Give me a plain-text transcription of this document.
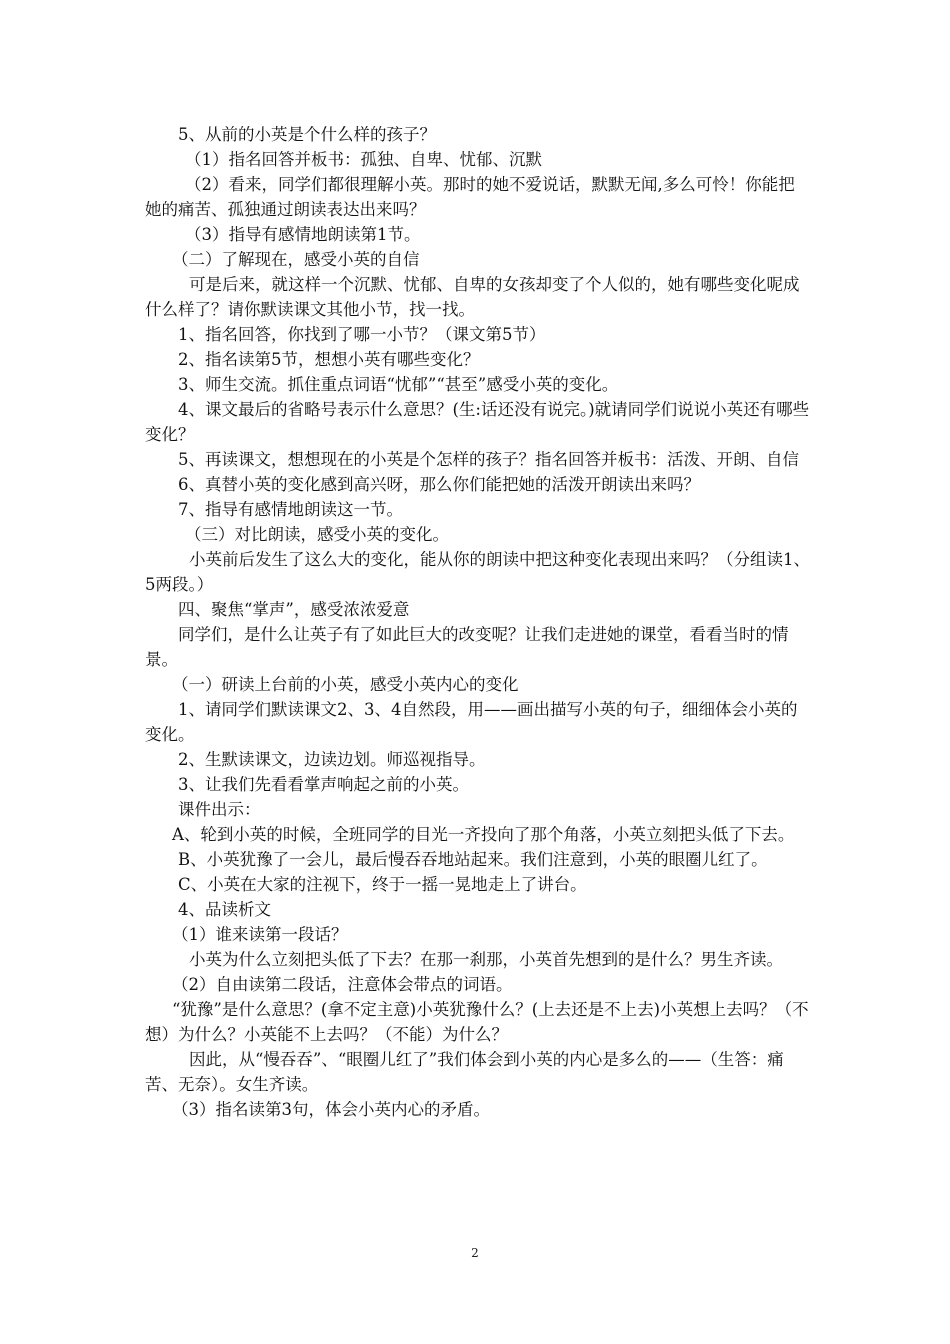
5、从前的小英是个什么样的孩子？

（1）指名回答并板书：孤独、自卑、忧郁、沉默

（2）看来，同学们都很理解小英。那时的她不爱说话，默默无闻,多么可怜！你能把她的痛苦、孤独通过朗读表达出来吗？

（3）指导有感情地朗读第1节。

（二）了解现在，感受小英的自信

可是后来，就这样一个沉默、忧郁、自卑的女孩却变了个人似的，她有哪些变化呢成什么样了？请你默读课文其他小节，找一找。

1、指名回答，你找到了哪一小节？（课文第5节）

2、指名读第5节，想想小英有哪些变化？

3、师生交流。抓住重点词语“忧郁”“甚至”感受小英的变化。

4、课文最后的省略号表示什么意思？(生:话还没有说完。)就请同学们说说小英还有哪些变化？

5、再读课文，想想现在的小英是个怎样的孩子？指名回答并板书：活泼、开朗、自信

6、真替小英的变化感到高兴呀，那么你们能把她的活泼开朗读出来吗？

7、指导有感情地朗读这一节。

（三）对比朗读，感受小英的变化。

小英前后发生了这么大的变化，能从你的朗读中把这种变化表现出来吗？（分组读1、5两段。）

四、聚焦“掌声”，感受浓浓爱意

同学们，是什么让英子有了如此巨大的改变呢？让我们走进她的课堂，看看当时的情景。

（一）研读上台前的小英，感受小英内心的变化

1、请同学们默读课文2、3、4自然段，用——画出描写小英的句子，细细体会小英的变化。

2、生默读课文，边读边划。师巡视指导。

3、让我们先看看掌声响起之前的小英。

课件出示：

A、轮到小英的时候，全班同学的目光一齐投向了那个角落，小英立刻把头低了下去。

B、小英犹豫了一会儿，最后慢吞吞地站起来。我们注意到，小英的眼圈儿红了。

C、小英在大家的注视下，终于一摇一晃地走上了讲台。

4、品读析文

（1）谁来读第一段话？

小英为什么立刻把头低了下去？在那一刹那，小英首先想到的是什么？男生齐读。

（2）自由读第二段话，注意体会带点的词语。

“犹豫”是什么意思？(拿不定主意)小英犹豫什么？(上去还是不上去)小英想上去吗？（不想）为什么？小英能不上去吗？（不能）为什么？

因此，从“慢吞吞”、“眼圈儿红了”我们体会到小英的内心是多么的——（生答：痛苦、无奈）。女生齐读。

（3）指名读第3句，体会小英内心的矛盾。

2
